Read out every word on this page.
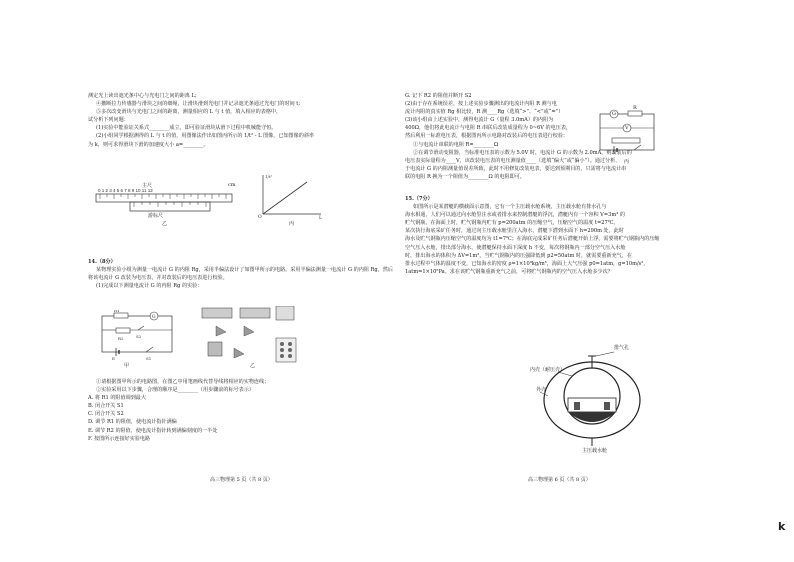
测定光上读出遮光条中心与光电门之间的距离 L;
④撤断拉力传感器与滑块之间的细绳，让滑块滑到光电门并记录遮光条通过光电门的时间 t;
⑤多次改变滑块与光电门之间的距离，测量相应的 L 与 t 值，填入相应的表格中，
试分析下列问题：
(1)实验中能验证关系式________成立，即可验证滑块从滑下过程中机械能守恒。
(2)小组同学根据测得的 L 与 t 的值，用图像法作出如图丙所示的 1/t² - L 图像，已知图像的斜率
为 k，则可求得滑块下滑的加速度大小 a=________。
0 1 2 3 4 5 6 7 8 9 10 11 12
主尺	cm
游标尺
乙
O	L
1/t²
丙
14.（8分）
某物理实验小组为测量一电流计 G 的内阻 Rg，采用半偏法设计了如图甲所示的电路。采用半偏法测量一电流计 G 的内阻 Rg，然后
将该电流计 G 改装为电压表，并对改装后的电压表进行校验。
(1)完成以下测量电流计 G 的内阻 Rg 的实验：
G
R1
R2	S2
E	S1
甲	乙
①请根据图甲所示的电路图，在图乙中用笔画线代替导线将相应的实物连线；
②实验采用以下步骤，合理的顺序是________（用步骤前的标号表示）
A. 将 R1 的阻值调到最大
B. 闭合开关 S1
C. 闭合开关 S2
D. 调节 R1 的阻值，使电流计指针满偏
E. 调节 R2 的阻值，使电流计指针转到满偏刻度的一半处
F. 按图所示连接好实验电路
高三物理第 5 页（共 8 页）
G. 记下 R2 的阻值并断开 S2
(2)由于存在系统误差，按上述实验步骤测出的电流计内阻 R 测与电
流计内阻的真实值 Rg 相比较，R 测____Rg（选填“>”、“<”或“=”）
(3)该小组由上述实验中，测得电流计 G（量程 3.0mA）的内阻为
400Ω，他们将此电流计与电阻 R 串联后改装成量程为 0~6V 的电压表，
然后利用一标准电压表，根据图丙所示电路对改装后的电压表进行校验：
①与电流计串联的电阻 R=________Ω
②在调节滑动变阻器，当标准电压表的示数为 5.0V 时，电流计 G 的示数为 2.0mA，则改装后的
电压表实际量程为____V，该改装电压表的电压测量值____（选填“偏大”或“偏小”）。通过分析，
于电流计 G 的内阻测量值误差所致，此时不用修复改装电表，要达到预期目的，只需将与电流计串
联的电阻 R 换为一个阻值为________Ω 的电阻即可。
G
R
V
丙
15.（7分）
如图所示是某潜艇的横截面示意图，它有一个主压载水舱系统，主压载水舱有排水孔与
海水相通，人们可以通过向水舱里注水或者排水来控制潜艇的浮沉，潜艇内有一个容积 V=3m³ 的
贮气钢瓶，在海面上时，贮气钢瓶内贮有 p=200atm 的压缩空气，压缩空气的温度 t=27℃。
某次执行海底采矿任务时，通过向主压载水舱里注入海水，潜艇下潜到水面下 h=290m 处，此时
海水及贮气钢瓶内压缩空气的温度均为 t1=7℃；在海底完成采矿任务后潜艇开始上浮，需要将贮气钢瓶内的压缩
空气压入水舱，排出部分海水，使潜艇保持水面下深度 h 不变，每次将钢瓶内一部分空气压入水舱
时，排出海水的体积为 ΔV=1m³，当贮气钢瓶内的压强降低到 p2=50atm 时，就需要重新充气，在
排水过程中气体的温度不变，已知海水的密度 ρ=1×10³kg/m³，海面上大气压强 p0=1atm，g=10m/s²，
1atm=1×10⁵Pa。求在该贮气钢瓶重新充气之前，可将贮气钢瓶内的空气压入水舱多少次？
排气孔
内壳（耐压壳）
外壳
主压载水舱
高三物理第 6 页（共 8 页）
k
